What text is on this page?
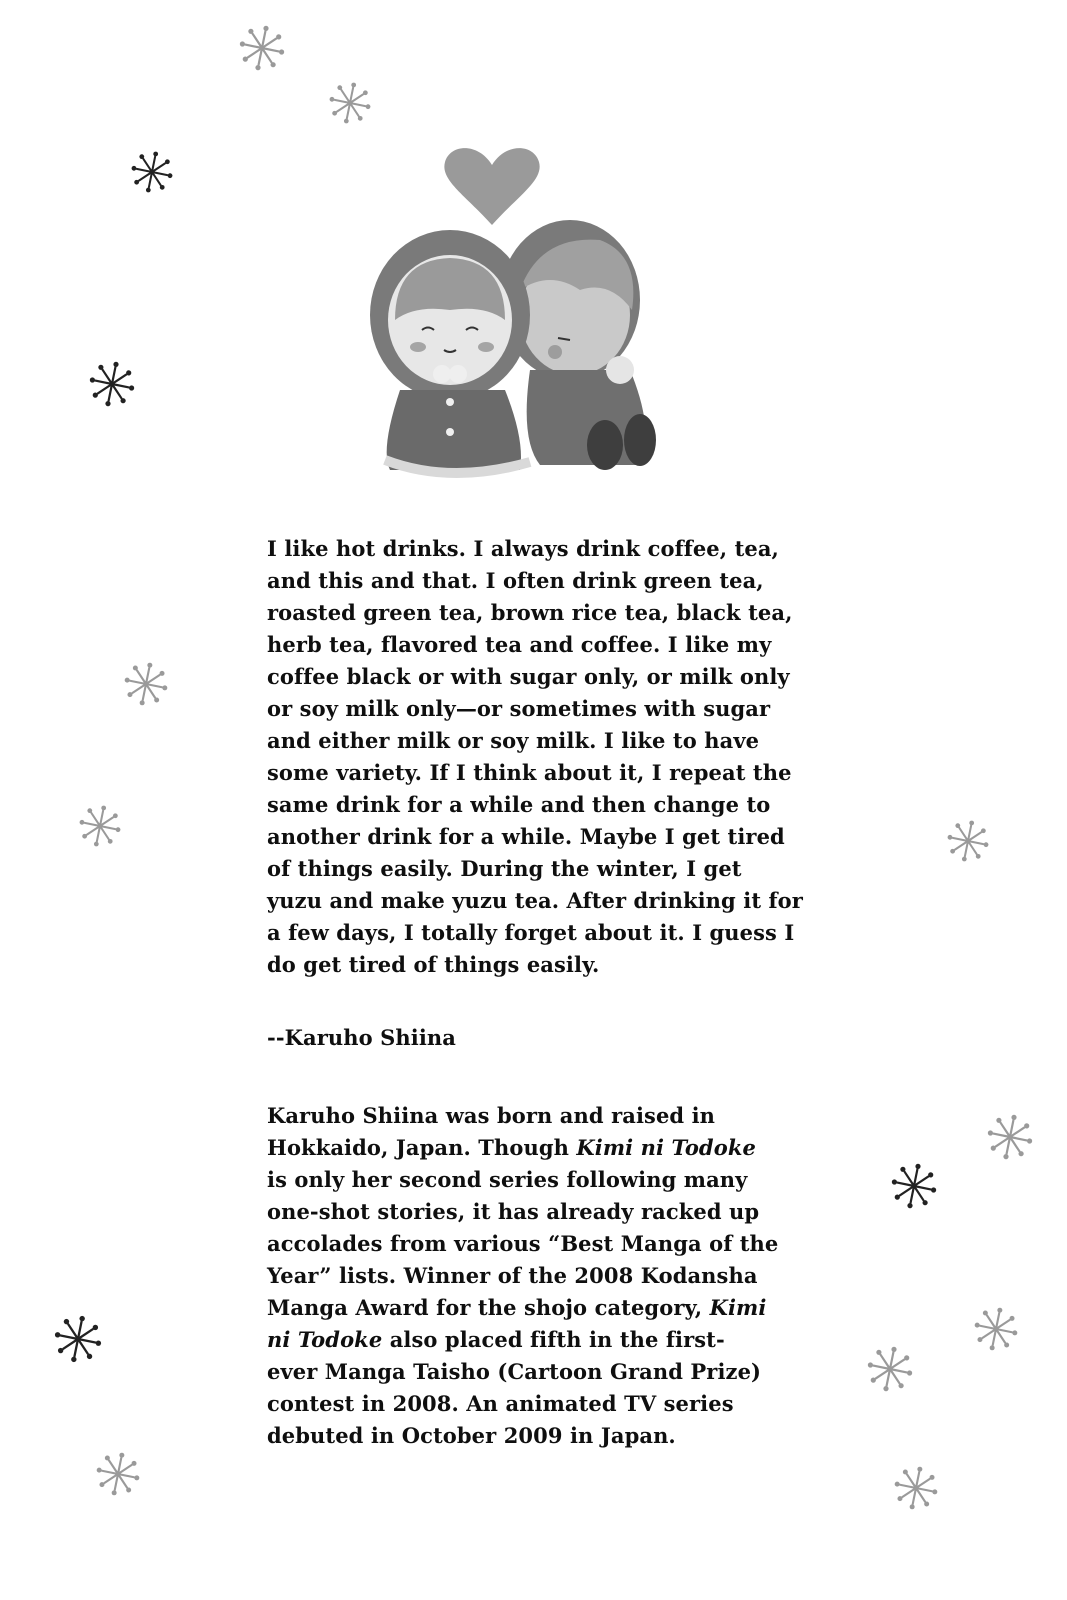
I like hot drinks. I always drink coffee, tea,

and this and that. I often drink green tea,

roasted green tea, brown rice tea, black tea,

herb tea, flavored tea and coffee. I like my

coffee black or with sugar only, or milk only

or soy milk only—or sometimes with sugar

and either milk or soy milk. I like to have

some variety. If I think about it, I repeat the

same drink for a while and then change to

another drink for a while. Maybe I get tired

of things easily. During the winter, I get

yuzu and make yuzu tea. After drinking it for

a few days, I totally forget about it. I guess I

do get tired of things easily.

--Karuho Shiina

Karuho Shiina was born and raised in

Hokkaido, Japan. Though Kimi ni Todoke

is only her second series following many

one-shot stories, it has already racked up

accolades from various “Best Manga of the

Year” lists. Winner of the 2008 Kodansha

Manga Award for the shojo category, Kimi

ni Todoke also placed fifth in the first-

ever Manga Taisho (Cartoon Grand Prize)

contest in 2008. An animated TV series

debuted in October 2009 in Japan.
